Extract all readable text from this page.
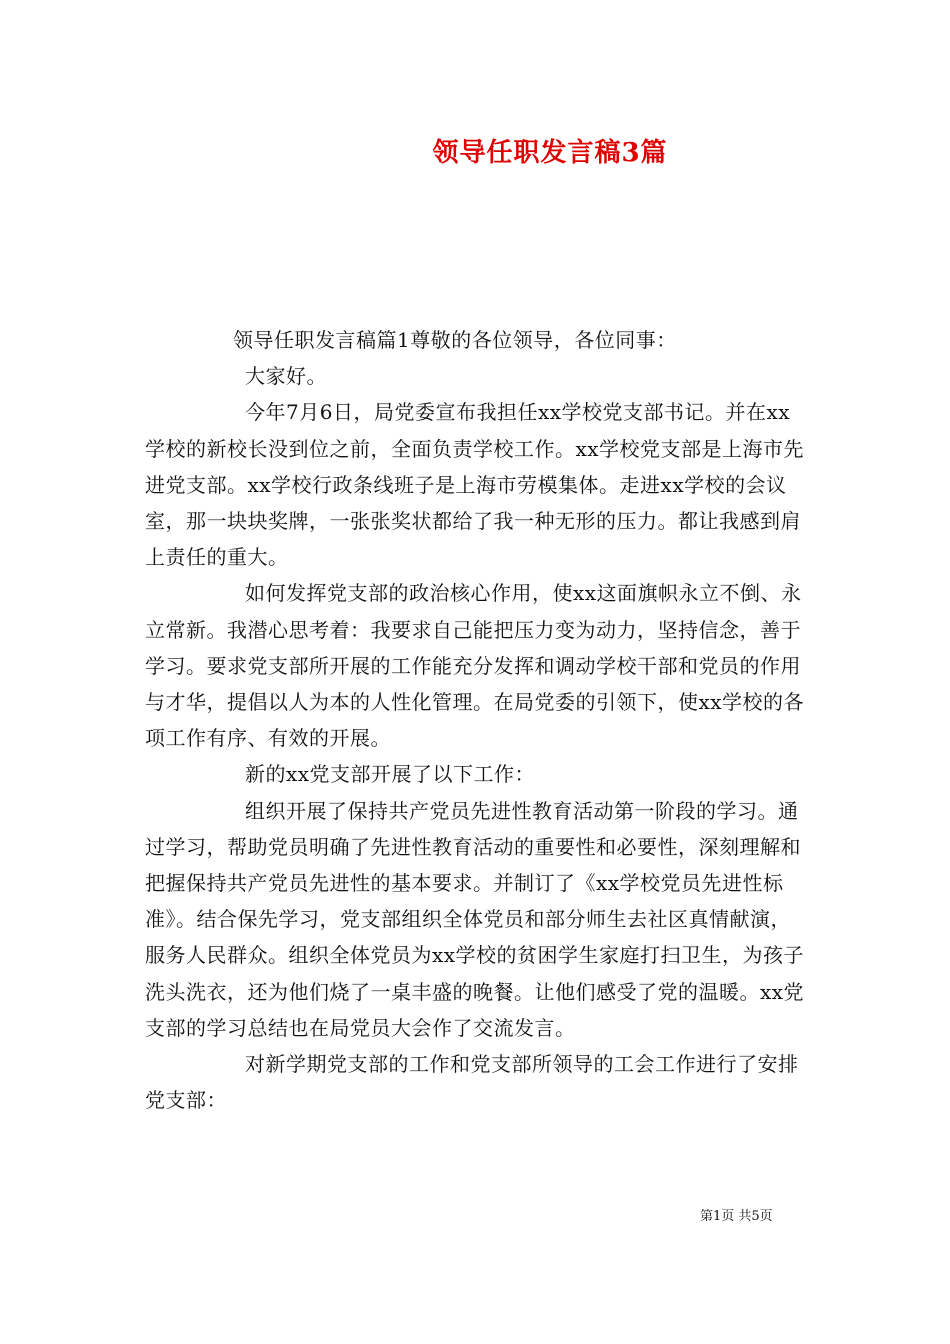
领导任职发言稿3篇

领导任职发言稿篇1尊敬的各位领导，各位同事：

大家好。

今年7月6日，局党委宣布我担任xx学校党支部书记。并在xx学校的新校长没到位之前，全面负责学校工作。xx学校党支部是上海市先进党支部。xx学校行政条线班子是上海市劳模集体。走进xx学校的会议室，那一块块奖牌，一张张奖状都给了我一种无形的压力。都让我感到肩上责任的重大。

如何发挥党支部的政治核心作用，使xx这面旗帜永立不倒、永立常新。我潜心思考着：我要求自己能把压力变为动力，坚持信念，善于学习。要求党支部所开展的工作能充分发挥和调动学校干部和党员的作用与才华，提倡以人为本的人性化管理。在局党委的引领下，使xx学校的各项工作有序、有效的开展。

新的xx党支部开展了以下工作：

组织开展了保持共产党员先进性教育活动第一阶段的学习。通过学习，帮助党员明确了先进性教育活动的重要性和必要性，深刻理解和把握保持共产党员先进性的基本要求。并制订了《xx学校党员先进性标准》。结合保先学习，党支部组织全体党员和部分师生去社区真情献演，服务人民群众。组织全体党员为xx学校的贫困学生家庭打扫卫生，为孩子洗头洗衣，还为他们烧了一桌丰盛的晚餐。让他们感受了党的温暖。xx党支部的学习总结也在局党员大会作了交流发言。

对新学期党支部的工作和党支部所领导的工会工作进行了安排党支部：

第1页 共5页
